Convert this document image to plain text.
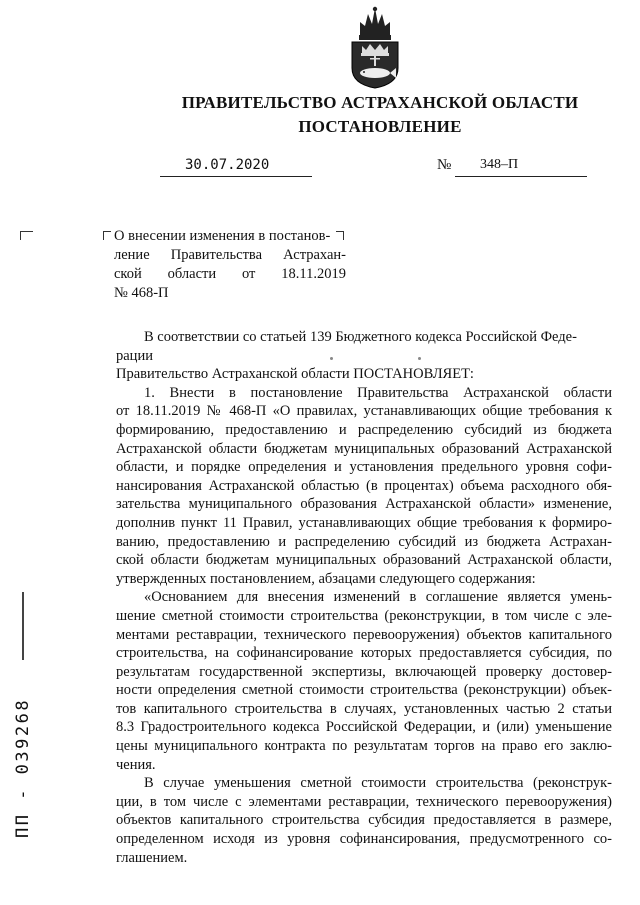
ПРАВИТЕЛЬСТВО АСТРАХАНСКОЙ ОБЛАСТИ
ПОСТАНОВЛЕНИЕ
30.07.2020	№ 348–П
О внесении изменения в постанов-
ление Правительства Астрахан-
ской области от 18.11.2019
№ 468-П
В соответствии со статьей 139 Бюджетного кодекса Российской Феде-
рации
Правительство Астраханской области ПОСТАНОВЛЯЕТ:
1. Внести в постановление Правительства Астраханской области
от 18.11.2019 № 468-П «О правилах, устанавливающих общие требования к
формированию, предоставлению и распределению субсидий из бюджета
Астраханской области бюджетам муниципальных образований Астраханской
области, и порядке определения и установления предельного уровня софи-
нансирования Астраханской областью (в процентах) объема расходного обя-
зательства муниципального образования Астраханской области» изменение,
дополнив пункт 11 Правил, устанавливающих общие требования к формиро-
ванию, предоставлению и распределению субсидий из бюджета Астрахан-
ской области бюджетам муниципальных образований Астраханской области,
утвержденных постановлением, абзацами следующего содержания:
«Основанием для внесения изменений в соглашение является умень-
шение сметной стоимости строительства (реконструкции, в том числе с эле-
ментами реставрации, технического перевооружения) объектов капитального
строительства, на софинансирование которых предоставляется субсидия, по
результатам государственной экспертизы, включающей проверку достовер-
ности определения сметной стоимости строительства (реконструкции) объек-
тов капитального строительства в случаях, установленных частью 2 статьи
8.3 Градостроительного кодекса Российской Федерации, и (или) уменьшение
цены муниципального контракта по результатам торгов на право его заклю-
чения.
В случае уменьшения сметной стоимости строительства (реконструк-
ции, в том числе с элементами реставрации, технического перевооружения)
объектов капитального строительства субсидия предоставляется в размере,
определенном исходя из уровня софинансирования, предусмотренного со-
глашением.
ПП - 039268
